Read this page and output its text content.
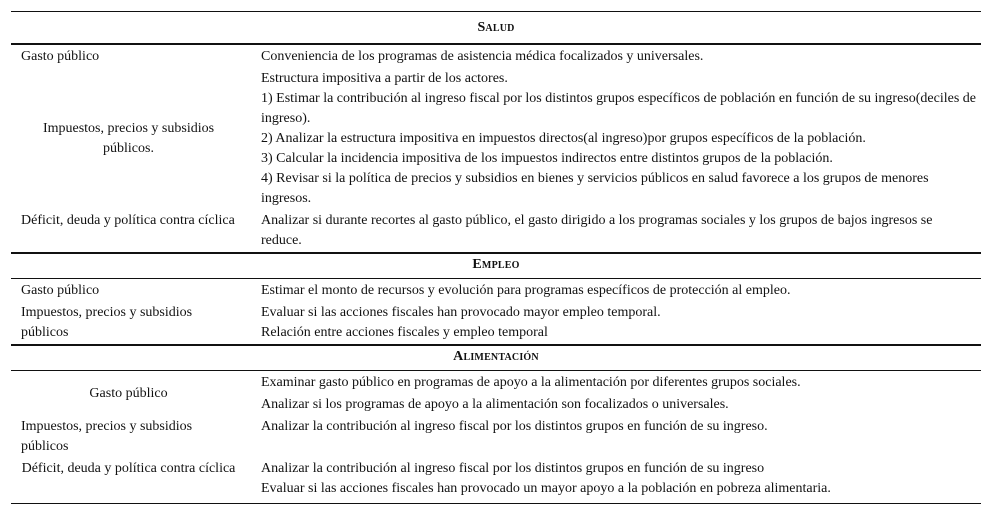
Salud
Gasto público	Conveniencia de los programas de asistencia médica focalizados y universales.

Impuestos, precios y subsidios públicos.

Estructura impositiva a partir de los actores.

1) Estimar la contribución al ingreso fiscal por los distintos grupos específicos de población en función de su ingreso(deciles de ingreso).

2) Analizar la estructura impositiva en impuestos directos(al ingreso)por grupos específicos de la población.

3) Calcular la incidencia impositiva de los impuestos indirectos entre distintos grupos de la población.

4) Revisar si la política de precios y subsidios en bienes y servicios públicos en salud favorece a los grupos de menores ingresos.

Déficit, deuda y política contra cíclica Analizar si durante recortes al gasto público, el gasto dirigido a los programas sociales y los grupos de bajos ingresos se reduce.

Empleo
Gasto público	Estimar el monto de recursos y evolución para programas específicos de protección al empleo.

Impuestos, precios y subsidios públicos

Evaluar si las acciones fiscales han provocado mayor empleo temporal.

Relación entre acciones fiscales y empleo temporal

Alimentación
Gasto público

Examinar gasto público en programas de apoyo a la alimentación por diferentes grupos sociales.

Analizar si los programas de apoyo a la alimentación son focalizados o universales.

Impuestos, precios y subsidios públicos

Analizar la contribución al ingreso fiscal por los distintos grupos en función de su ingreso.

Déficit, deuda y política contra cíclica Analizar la contribución al ingreso fiscal por los distintos grupos en función de su ingreso

Evaluar si las acciones fiscales han provocado un mayor apoyo a la población en pobreza alimentaria.
